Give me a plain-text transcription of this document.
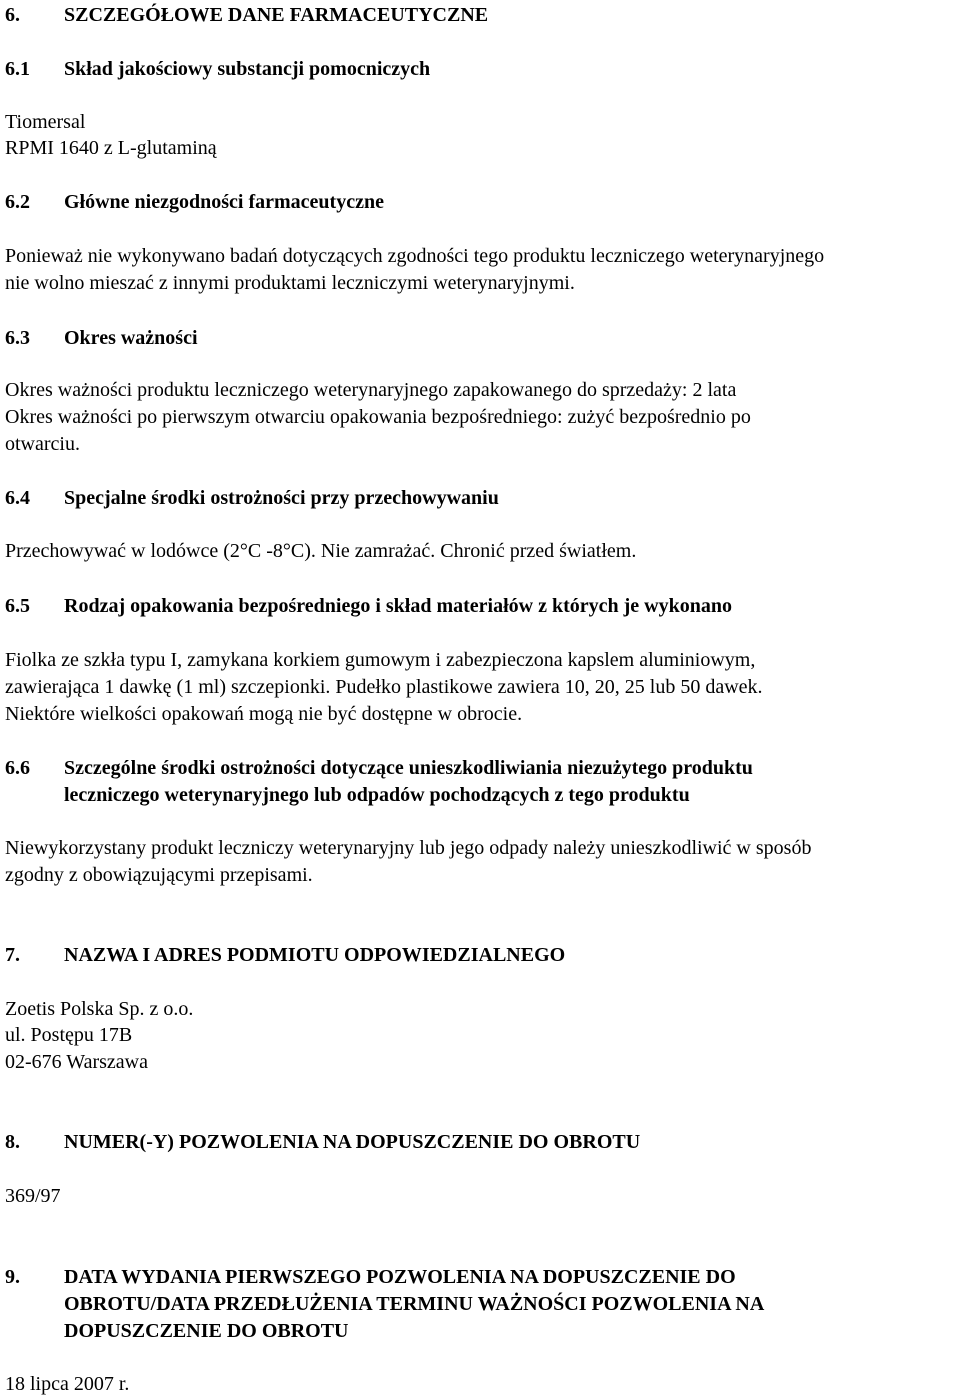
6. SZCZEGÓŁOWE DANE FARMACEUTYCZNE
6.1 Skład jakościowy substancji pomocniczych
Tiomersal
RPMI 1640 z L-glutaminą
6.2 Główne niezgodności farmaceutyczne
Ponieważ nie wykonywano badań dotyczących zgodności tego produktu leczniczego weterynaryjnego
nie wolno mieszać z innymi produktami leczniczymi weterynaryjnymi.
6.3 Okres ważności
Okres ważności produktu leczniczego weterynaryjnego zapakowanego do sprzedaży: 2 lata
Okres ważności po pierwszym otwarciu opakowania bezpośredniego: zużyć bezpośrednio po
otwarciu.
6.4 Specjalne środki ostrożności przy przechowywaniu
Przechowywać w lodówce (2°C -8°C). Nie zamrażać. Chronić przed światłem.
6.5 Rodzaj opakowania bezpośredniego i skład materiałów z których je wykonano
Fiolka ze szkła typu I, zamykana korkiem gumowym i zabezpieczona kapslem aluminiowym,
zawierająca 1 dawkę (1 ml) szczepionki. Pudełko plastikowe zawiera 10, 20, 25 lub 50 dawek.
Niektóre wielkości opakowań mogą nie być dostępne w obrocie.
6.6 Szczególne środki ostrożności dotyczące unieszkodliwiania niezużytego produktu
leczniczego weterynaryjnego lub odpadów pochodzących z tego produktu
Niewykorzystany produkt leczniczy weterynaryjny lub jego odpady należy unieszkodliwić w sposób
zgodny z obowiązującymi przepisami.
7. NAZWA I ADRES PODMIOTU ODPOWIEDZIALNEGO
Zoetis Polska Sp. z o.o.
ul. Postępu 17B
02-676 Warszawa
8. NUMER(-Y) POZWOLENIA NA DOPUSZCZENIE DO OBROTU
369/97
9. DATA WYDANIA PIERWSZEGO POZWOLENIA NA DOPUSZCZENIE DO
OBROTU/DATA PRZEDŁUŻENIA TERMINU WAŻNOŚCI POZWOLENIA NA
DOPUSZCZENIE DO OBROTU
18 lipca 2007 r.
